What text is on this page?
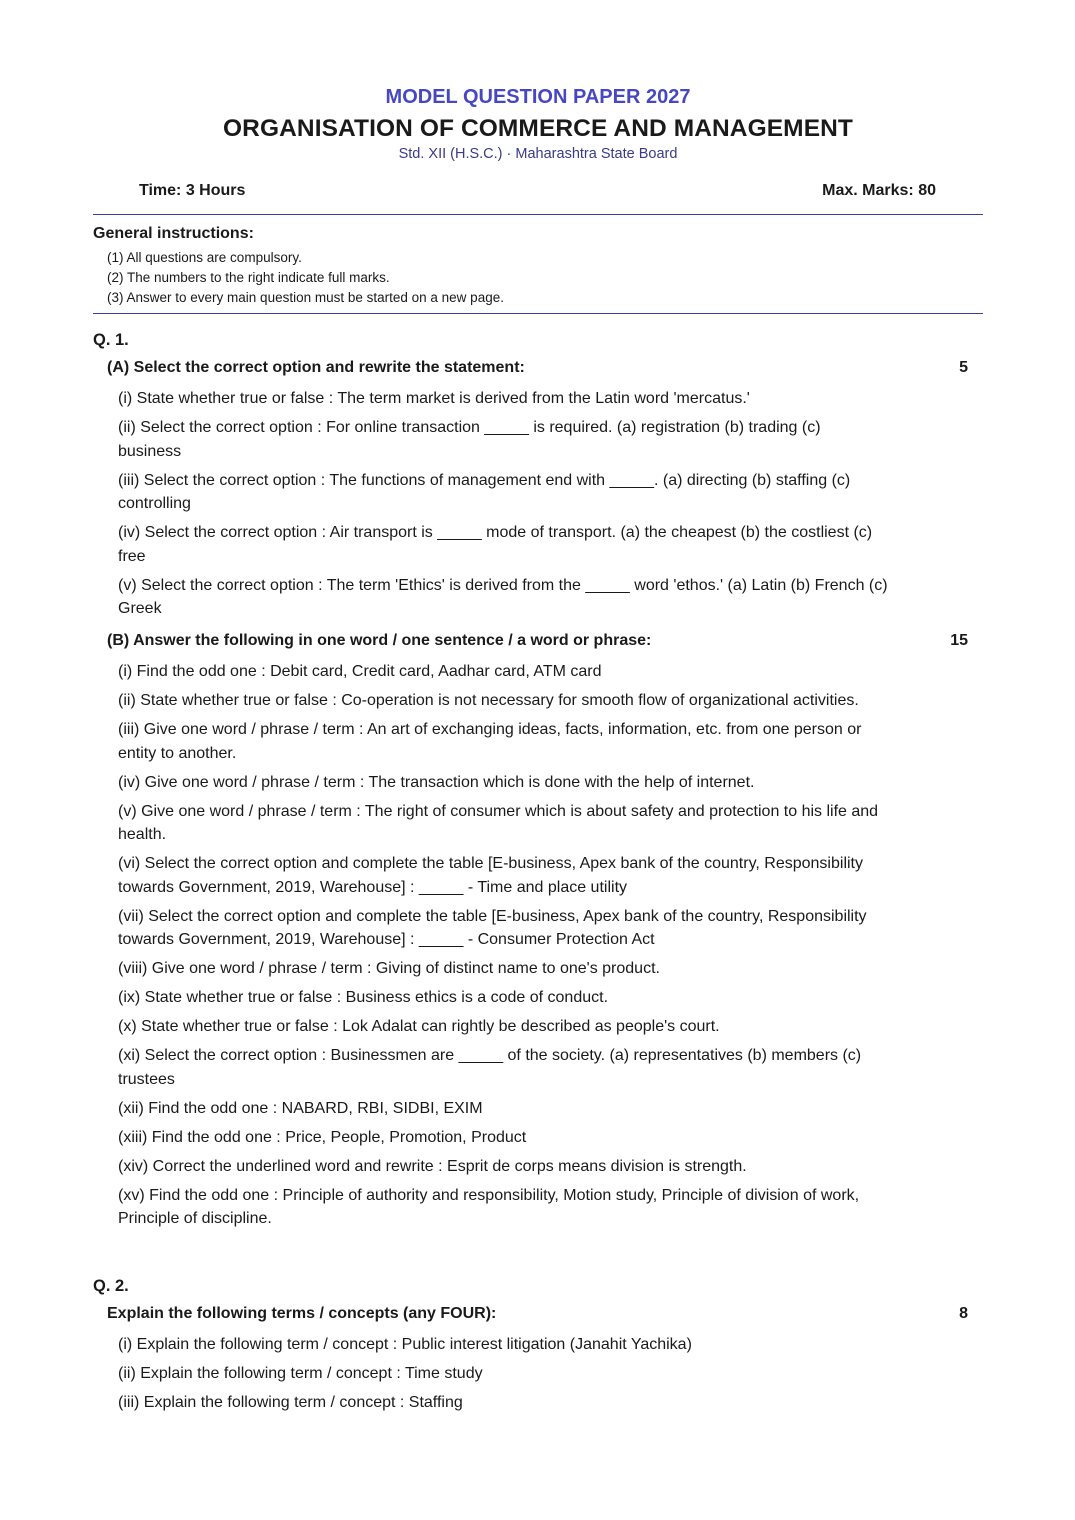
MODEL QUESTION PAPER 2027
ORGANISATION OF COMMERCE AND MANAGEMENT
Std. XII (H.S.C.) · Maharashtra State Board
Time: 3 Hours	Max. Marks: 80
General instructions:
(1) All questions are compulsory.
(2) The numbers to the right indicate full marks.
(3) Answer to every main question must be started on a new page.
Q. 1.
(A) Select the correct option and rewrite the statement:	5
(i) State whether true or false : The term market is derived from the Latin word 'mercatus.'
(ii) Select the correct option : For online transaction _____ is required. (a) registration (b) trading (c) business
(iii) Select the correct option : The functions of management end with _____. (a) directing (b) staffing (c) controlling
(iv) Select the correct option : Air transport is _____ mode of transport. (a) the cheapest (b) the costliest (c) free
(v) Select the correct option : The term 'Ethics' is derived from the _____ word 'ethos.' (a) Latin (b) French (c) Greek
(B) Answer the following in one word / one sentence / a word or phrase:	15
(i) Find the odd one : Debit card, Credit card, Aadhar card, ATM card
(ii) State whether true or false : Co-operation is not necessary for smooth flow of organizational activities.
(iii) Give one word / phrase / term : An art of exchanging ideas, facts, information, etc. from one person or entity to another.
(iv) Give one word / phrase / term : The transaction which is done with the help of internet.
(v) Give one word / phrase / term : The right of consumer which is about safety and protection to his life and health.
(vi) Select the correct option and complete the table [E-business, Apex bank of the country, Responsibility towards Government, 2019, Warehouse] : _____ - Time and place utility
(vii) Select the correct option and complete the table [E-business, Apex bank of the country, Responsibility towards Government, 2019, Warehouse] : _____ - Consumer Protection Act
(viii) Give one word / phrase / term : Giving of distinct name to one's product.
(ix) State whether true or false : Business ethics is a code of conduct.
(x) State whether true or false : Lok Adalat can rightly be described as people's court.
(xi) Select the correct option : Businessmen are _____ of the society. (a) representatives (b) members (c) trustees
(xii) Find the odd one : NABARD, RBI, SIDBI, EXIM
(xiii) Find the odd one : Price, People, Promotion, Product
(xiv) Correct the underlined word and rewrite : Esprit de corps means division is strength.
(xv) Find the odd one : Principle of authority and responsibility, Motion study, Principle of division of work, Principle of discipline.
Q. 2.
Explain the following terms / concepts (any FOUR):	8
(i) Explain the following term / concept : Public interest litigation (Janahit Yachika)
(ii) Explain the following term / concept : Time study
(iii) Explain the following term / concept : Staffing
